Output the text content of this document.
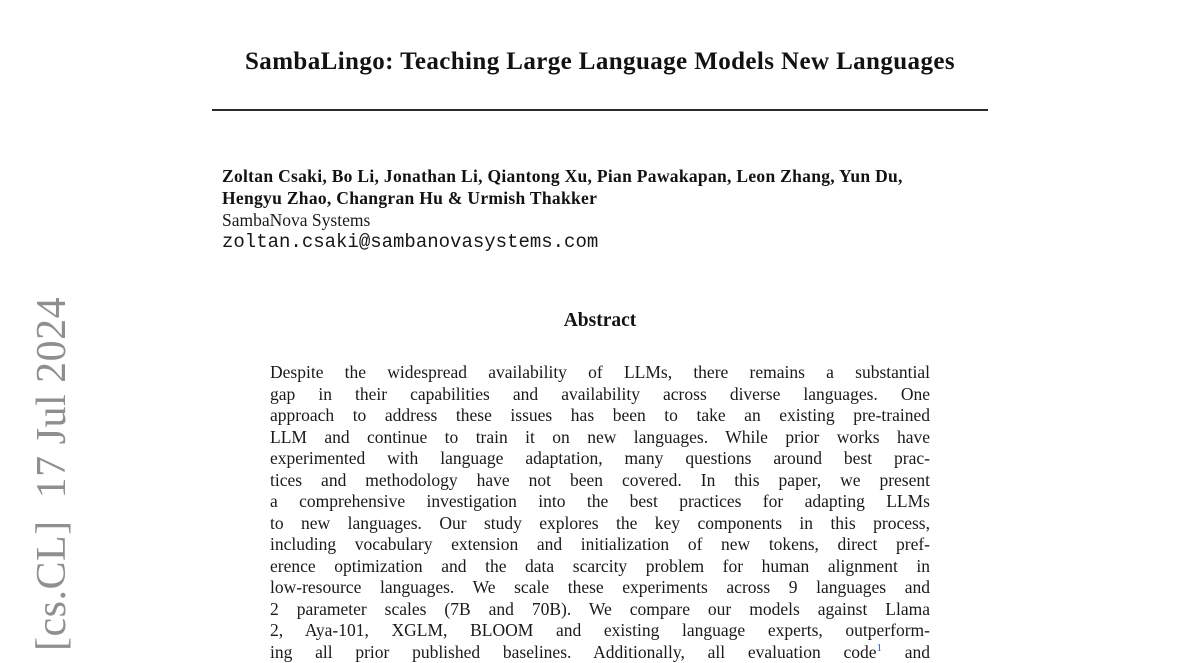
[cs.CL]  17 Jul 2024
SambaLingo: Teaching Large Language Models New Languages
Zoltan Csaki, Bo Li, Jonathan Li, Qiantong Xu, Pian Pawakapan, Leon Zhang, Yun Du,
Hengyu Zhao, Changran Hu & Urmish Thakker
SambaNova Systems
zoltan.csaki@sambanovasystems.com
Abstract
Despite the widespread availability of LLMs, there remains a substantial
gap in their capabilities and availability across diverse languages. One
approach to address these issues has been to take an existing pre-trained
LLM and continue to train it on new languages. While prior works have
experimented with language adaptation, many questions around best prac-
tices and methodology have not been covered. In this paper, we present
a comprehensive investigation into the best practices for adapting LLMs
to new languages. Our study explores the key components in this process,
including vocabulary extension and initialization of new tokens, direct pref-
erence optimization and the data scarcity problem for human alignment in
low-resource languages. We scale these experiments across 9 languages and
2 parameter scales (7B and 70B). We compare our models against Llama
2, Aya-101, XGLM, BLOOM and existing language experts, outperform-
ing all prior published baselines. Additionally, all evaluation code$^1$ and
